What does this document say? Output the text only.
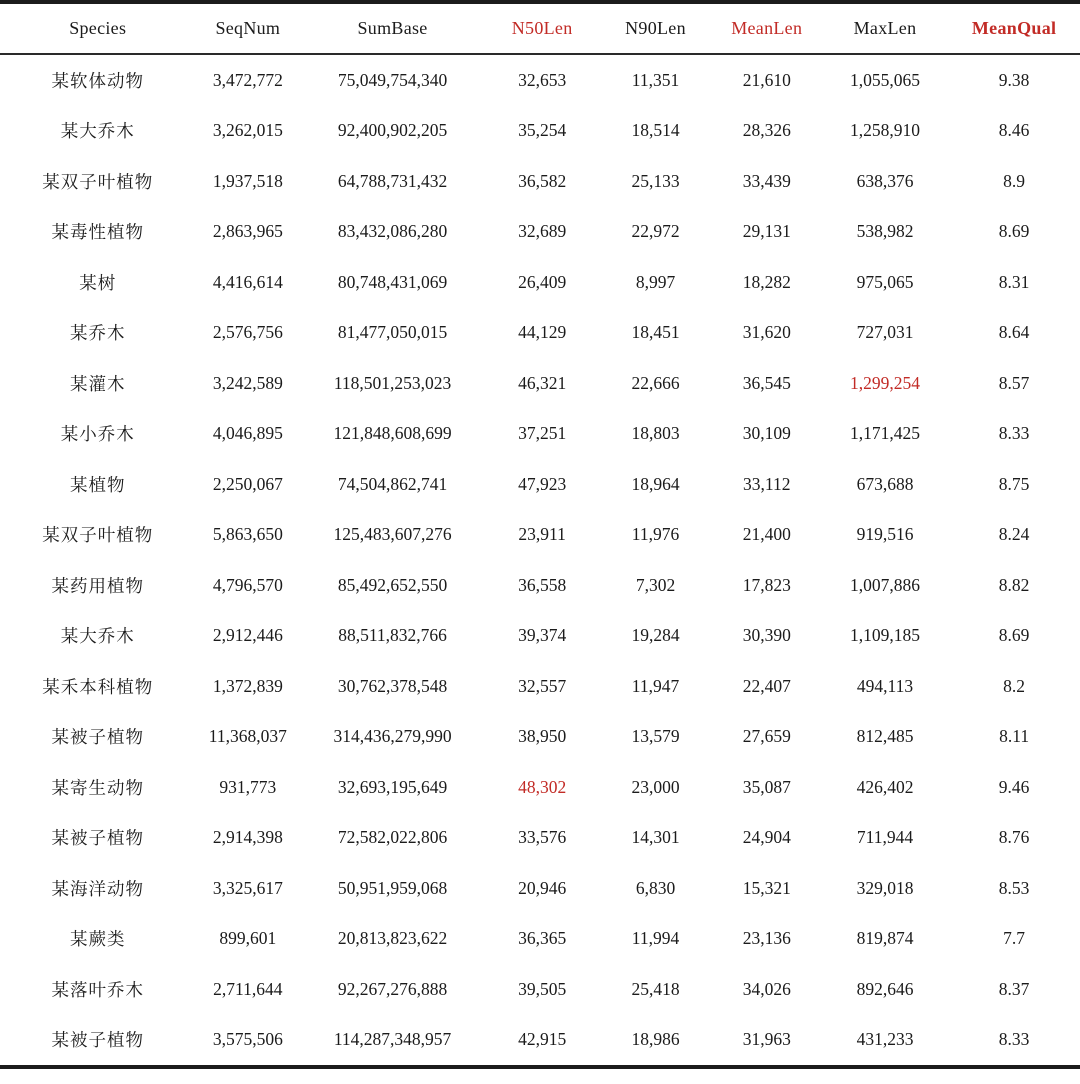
Species	SeqNum	SumBase	N50Len	N90Len	MeanLen	MaxLen	MeanQual
某软体动物	3,472,772	75,049,754,340	32,653	11,351	21,610	1,055,065	9.38
某大乔木	3,262,015	92,400,902,205	35,254	18,514	28,326	1,258,910	8.46
某双子叶植物	1,937,518	64,788,731,432	36,582	25,133	33,439	638,376	8.9
某毒性植物	2,863,965	83,432,086,280	32,689	22,972	29,131	538,982	8.69
某树	4,416,614	80,748,431,069	26,409	8,997	18,282	975,065	8.31
某乔木	2,576,756	81,477,050,015	44,129	18,451	31,620	727,031	8.64
某灌木	3,242,589	118,501,253,023	46,321	22,666	36,545	1,299,254	8.57
某小乔木	4,046,895	121,848,608,699	37,251	18,803	30,109	1,171,425	8.33
某植物	2,250,067	74,504,862,741	47,923	18,964	33,112	673,688	8.75
某双子叶植物	5,863,650	125,483,607,276	23,911	11,976	21,400	919,516	8.24
某药用植物	4,796,570	85,492,652,550	36,558	7,302	17,823	1,007,886	8.82
某大乔木	2,912,446	88,511,832,766	39,374	19,284	30,390	1,109,185	8.69
某禾本科植物	1,372,839	30,762,378,548	32,557	11,947	22,407	494,113	8.2
某被子植物	11,368,037	314,436,279,990	38,950	13,579	27,659	812,485	8.11
某寄生动物	931,773	32,693,195,649	48,302	23,000	35,087	426,402	9.46
某被子植物	2,914,398	72,582,022,806	33,576	14,301	24,904	711,944	8.76
某海洋动物	3,325,617	50,951,959,068	20,946	6,830	15,321	329,018	8.53
某蕨类	899,601	20,813,823,622	36,365	11,994	23,136	819,874	7.7
某落叶乔木	2,711,644	92,267,276,888	39,505	25,418	34,026	892,646	8.37
某被子植物	3,575,506	114,287,348,957	42,915	18,986	31,963	431,233	8.33
